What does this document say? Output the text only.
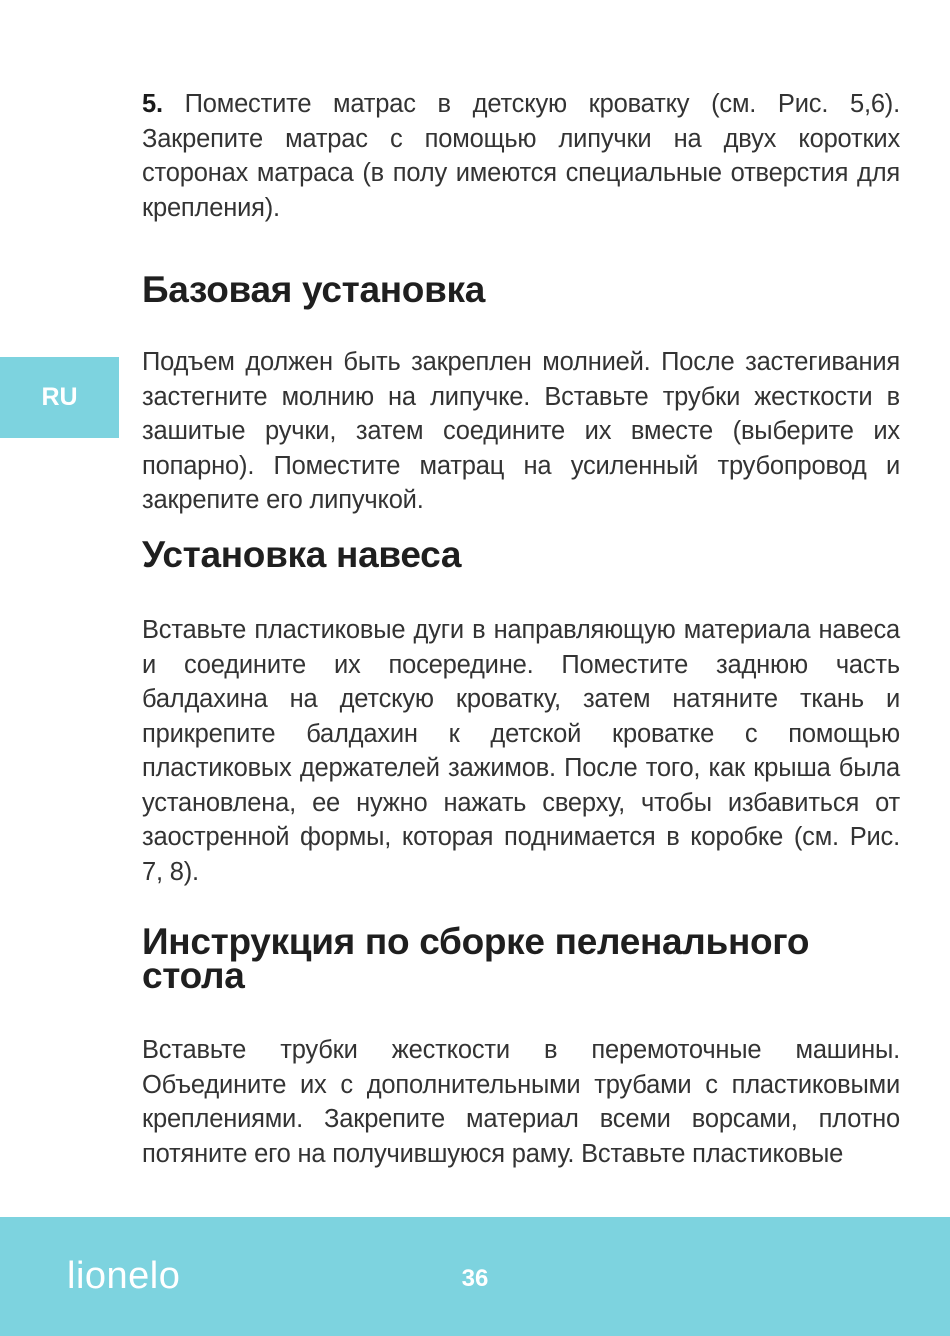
RU

5. Поместите матрас в детскую кроватку (см. Рис. 5,6). Закрепите матрас с помощью липучки на двух коротких сторонах матраса (в полу имеются специальные отверстия для крепления).

Базовая установка

Подъем должен быть закреплен молнией. После застегивания застегните молнию на липучке. Вставьте трубки жесткости в зашитые ручки, затем соедините их вместе (выберите их попарно). Поместите матрац на усиленный трубопровод и закрепите его липучкой.

Установка навеса

Вставьте пластиковые дуги в направляющую материала навеса и соедините их посередине. Поместите заднюю часть балдахина на детскую кроватку, затем натяните ткань и прикрепите балдахин к детской кроватке с помощью пластиковых держателей зажимов. После того, как крыша была установлена, ее нужно нажать сверху, чтобы избавиться от заостренной формы, которая поднимается в коробке (см. Рис. 7, 8).

Инструкция по сборке пеленального стола

Вставьте трубки жесткости в перемоточные машины. Объедините их с дополнительными трубами с пластиковыми креплениями. Закрепите материал всеми ворсами, плотно потяните его на получившуюся раму. Вставьте пластиковые

lionelo	36
